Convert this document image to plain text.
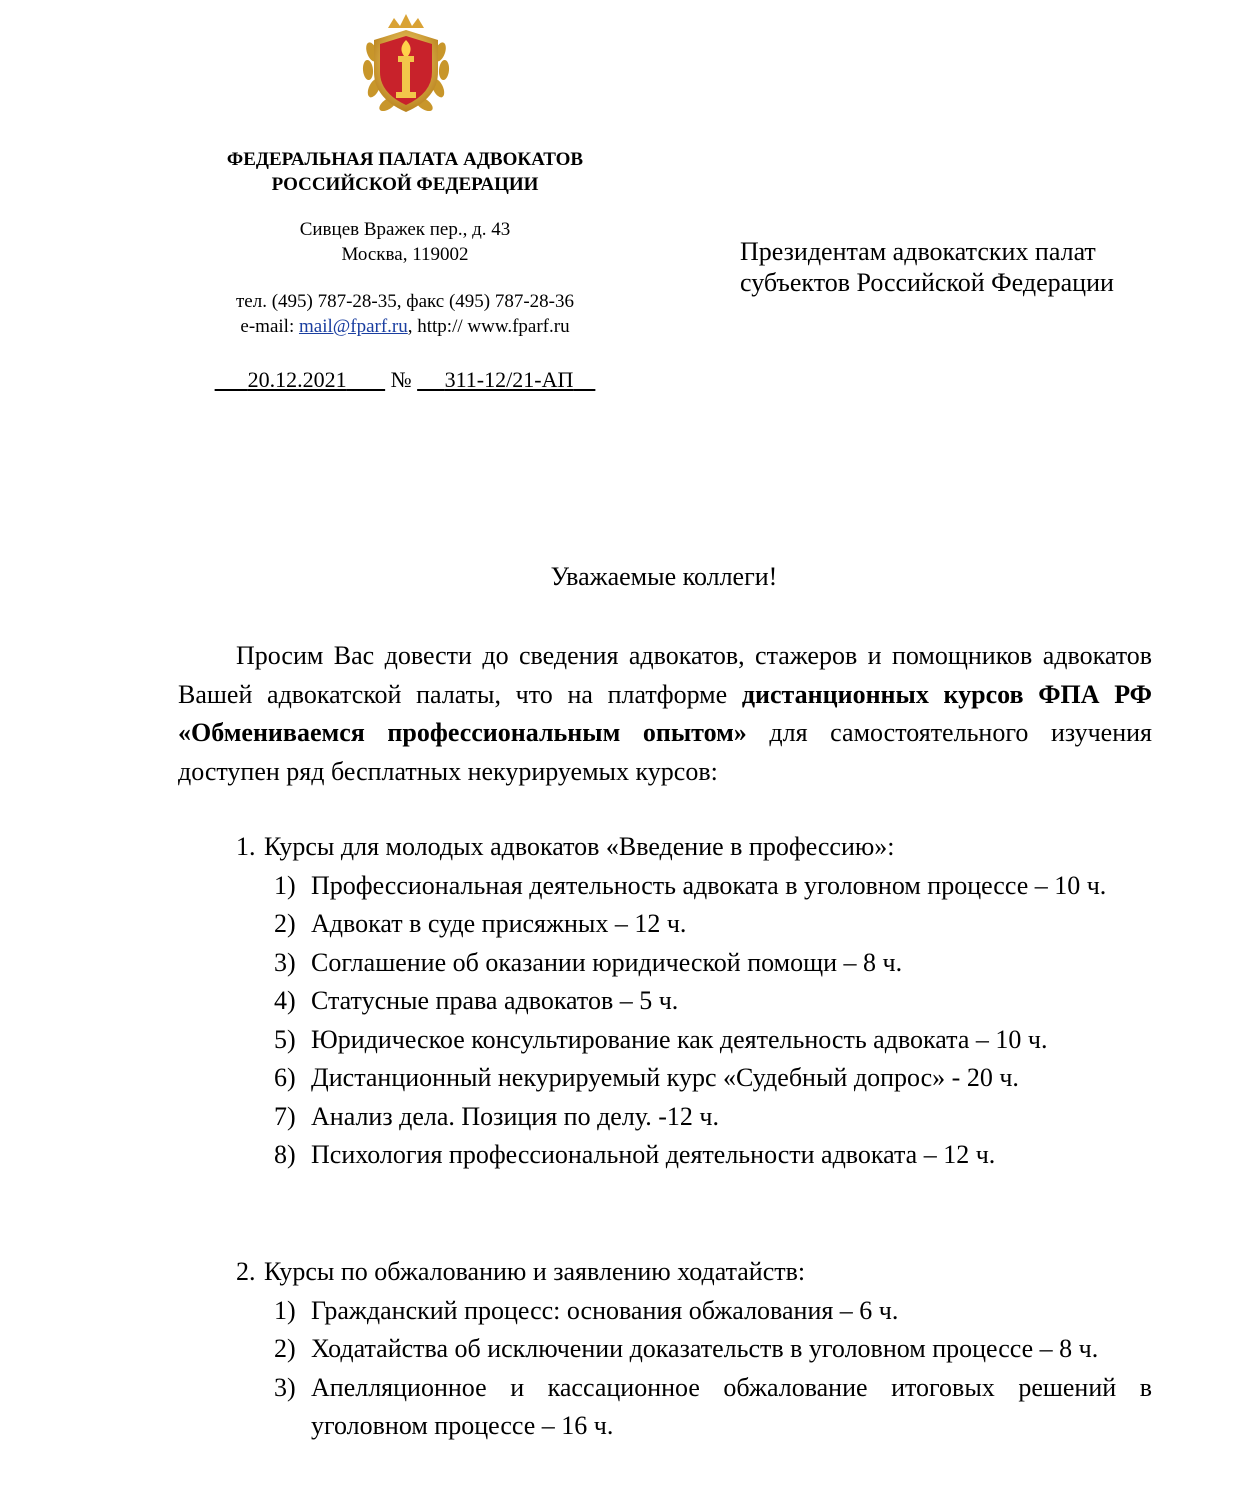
ФЕДЕРАЛЬНАЯ ПАЛАТА АДВОКАТОВ
РОССИЙСКОЙ ФЕДЕРАЦИИ
Сивцев Вражек пер., д. 43
Москва, 119002
тел. (495) 787-28-35, факс (495) 787-28-36
e-mail: mail@fparf.ru, http:// www.fparf.ru
20.12.2021 № 311-12/21-АП
Президентам адвокатских палат
субъектов Российской Федерации
Уважаемые коллеги!
Просим Вас довести до сведения адвокатов, стажеров и помощников адвокатов Вашей адвокатской палаты, что на платформе дистанционных курсов ФПА РФ «Обмениваемся профессиональным опытом» для самостоятельного изучения доступен ряд бесплатных некурируемых курсов:
1. Курсы для молодых адвокатов «Введение в профессию»:
1) Профессиональная деятельность адвоката в уголовном процессе – 10 ч.
2) Адвокат в суде присяжных – 12 ч.
3) Соглашение об оказании юридической помощи – 8 ч.
4) Статусные права адвокатов – 5 ч.
5) Юридическое консультирование как деятельность адвоката – 10 ч.
6) Дистанционный некурируемый курс «Судебный допрос» - 20 ч.
7) Анализ дела. Позиция по делу. -12 ч.
8) Психология профессиональной деятельности адвоката – 12 ч.
2. Курсы по обжалованию и заявлению ходатайств:
1) Гражданский процесс: основания обжалования – 6 ч.
2) Ходатайства об исключении доказательств в уголовном процессе – 8 ч.
3) Апелляционное и кассационное обжалование итоговых решений в уголовном процессе – 16 ч.
